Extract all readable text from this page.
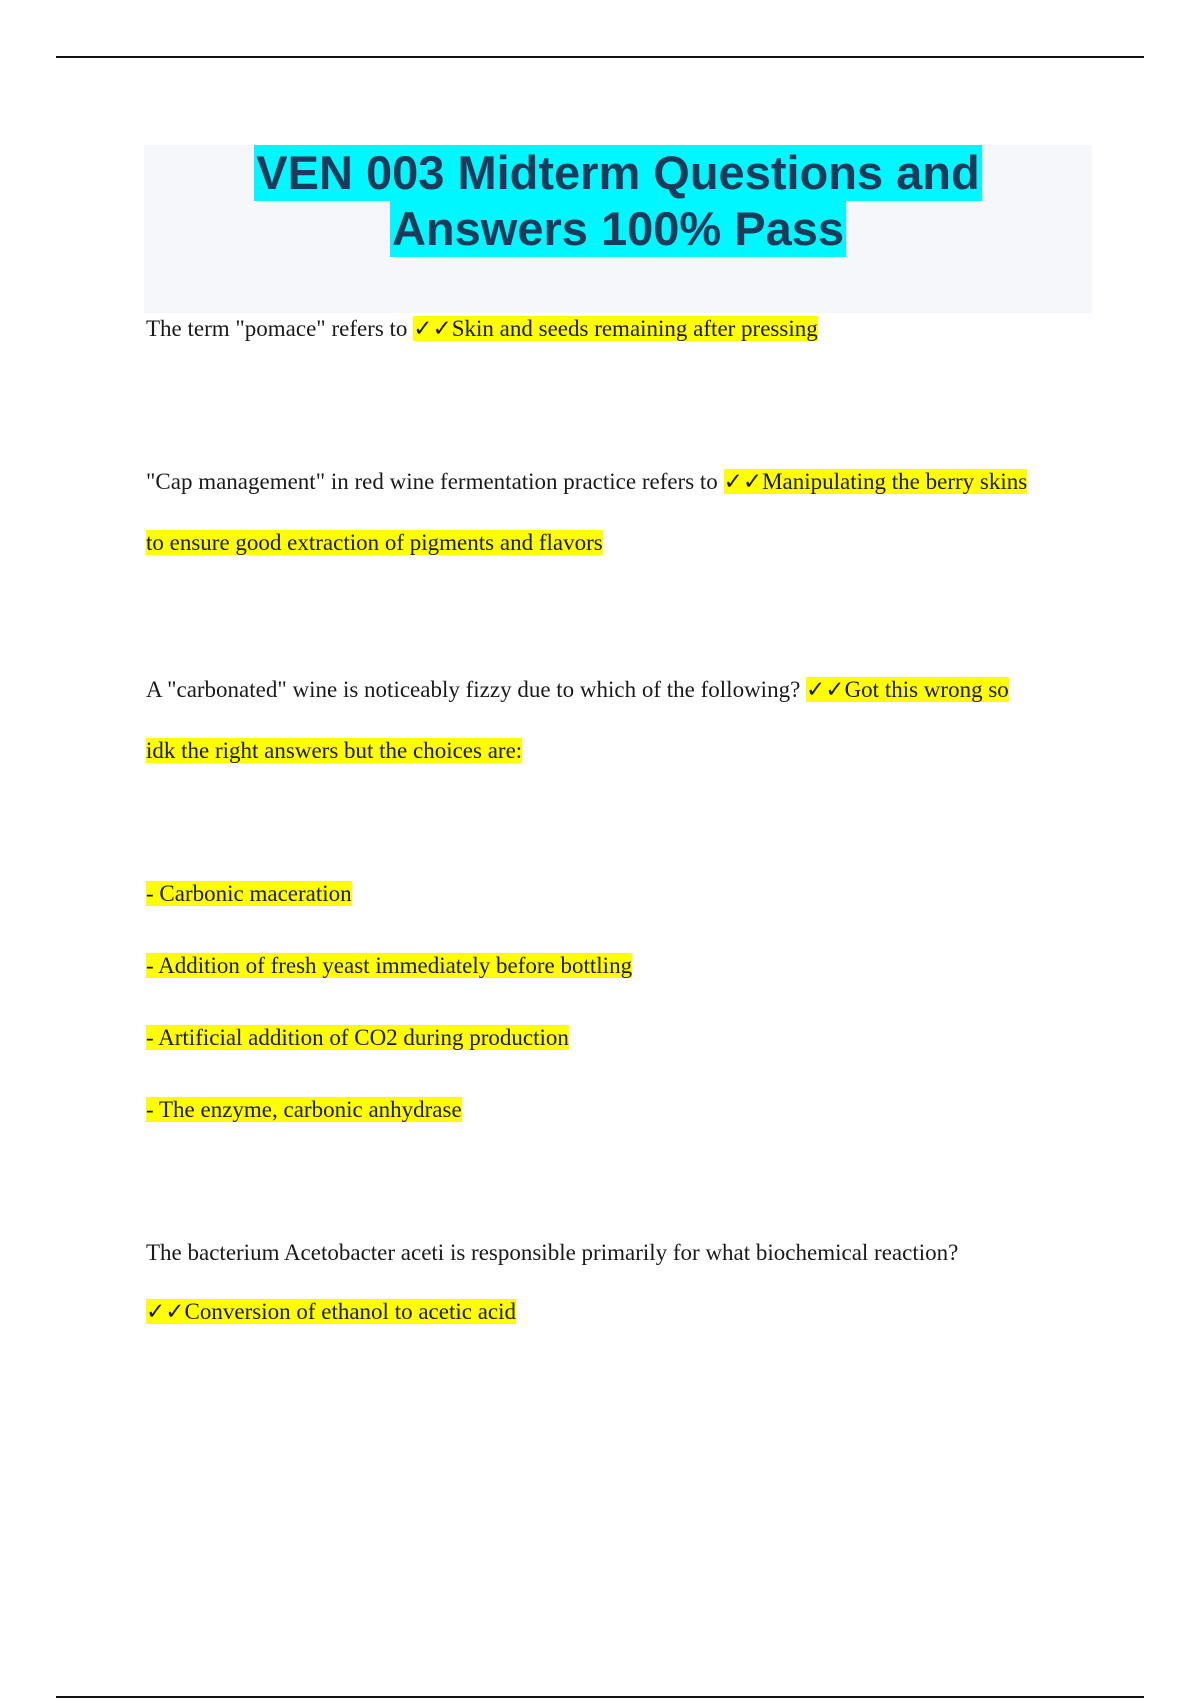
VEN 003 Midterm Questions and
Answers 100% Pass
The term "pomace" refers to ✓✓Skin and seeds remaining after pressing
"Cap management" in red wine fermentation practice refers to ✓✓Manipulating the berry skins
to ensure good extraction of pigments and flavors
A "carbonated" wine is noticeably fizzy due to which of the following? ✓✓Got this wrong so
idk the right answers but the choices are:
- Carbonic maceration
- Addition of fresh yeast immediately before bottling
- Artificial addition of CO2 during production
- The enzyme, carbonic anhydrase
The bacterium Acetobacter aceti is responsible primarily for what biochemical reaction?
✓✓Conversion of ethanol to acetic acid
